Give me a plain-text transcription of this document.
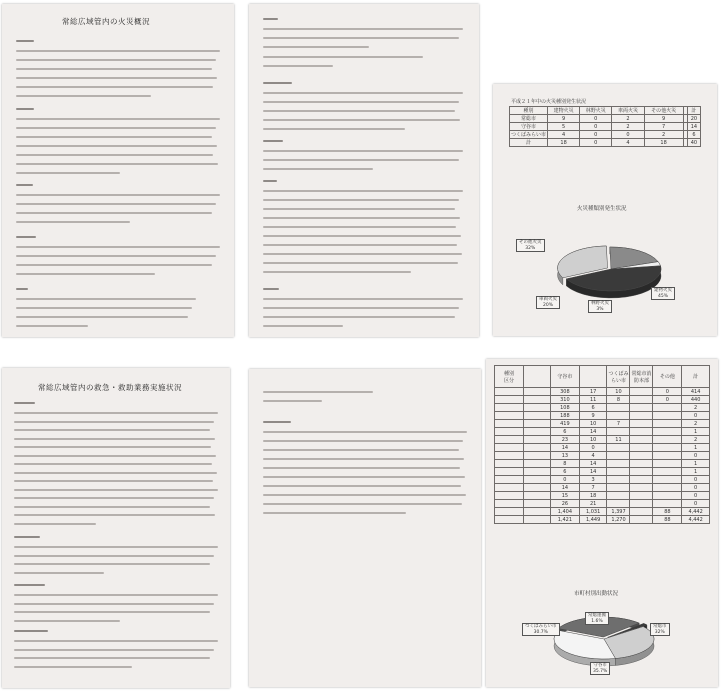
常総広域管内の火災概況
平成２１年中の火災種別発生状況
種別	建物火災	林野火災	車両火災	その他火災		計
常総市	9	0	2	9		20
守谷市	5	0	2	7		14
つくばみらい市	4	0	0	2		6
計	18	0	4	18		40
火災種類別発生状況
その他火災
32%
建物火災
45%
車両火災
20%	林野火災
3%
常総広域管内の救急・救助業務実施状況
種別
区分		守谷市		つくばみらい市	常総市消防本部	その他	計
		308	17	10		0	414
		310	11	8		0	440
		108	6				2
		188	9				0
		419	10	7			2
		6	14				1
		23	10	11			2
		14	0				1
		13	4				0
		8	14				1
		6	14				1
		0	3				0
		14	7				0
		15	18				0
		26	21				0
		1,404	1,031	1,397		88	4,442
		1,421	1,449	1,270		88	4,442
市町村別出動状況
つくばみらい市
30.7%
常総運搬
1.6%
常総市
32%
守谷市
35.7%
